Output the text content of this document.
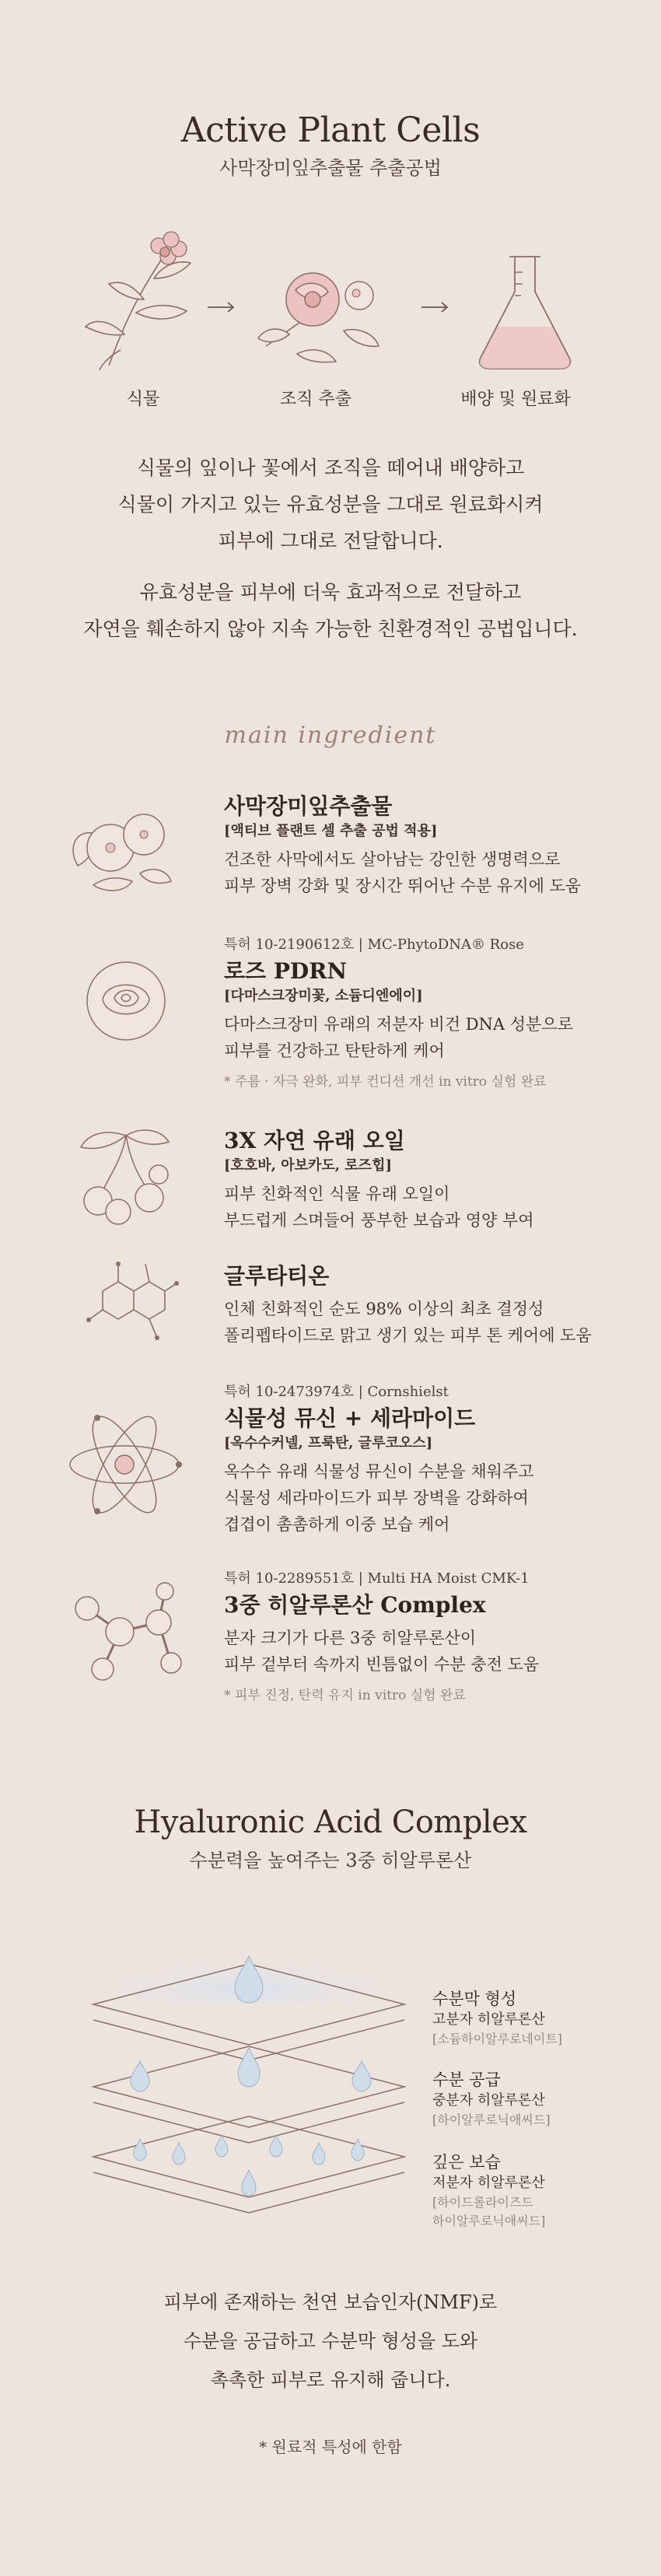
Active Plant Cells
사막장미잎추출물 추출공법
식물	조직 추출	배양 및 원료화
식물의 잎이나 꽃에서 조직을 떼어내 배양하고
식물이 가지고 있는 유효성분을 그대로 원료화시켜
피부에 그대로 전달합니다.
유효성분을 피부에 더욱 효과적으로 전달하고
자연을 훼손하지 않아 지속 가능한 친환경적인 공법입니다.
main ingredient
사막장미잎추출물
[액티브 플랜트 셀 추출 공법 적용]
건조한 사막에서도 살아남는 강인한 생명력으로
피부 장벽 강화 및 장시간 뛰어난 수분 유지에 도움
특허 10-2190612호 | MC-PhytoDNA® Rose
로즈 PDRN
[다마스크장미꽃, 소듐디엔에이]
다마스크장미 유래의 저분자 비건 DNA 성분으로
피부를 건강하고 탄탄하게 케어
* 주름 · 자극 완화, 피부 컨디션 개선 in vitro 실험 완료
3X 자연 유래 오일
[호호바, 아보카도, 로즈힙]
피부 친화적인 식물 유래 오일이
부드럽게 스며들어 풍부한 보습과 영양 부여
글루타티온
인체 친화적인 순도 98% 이상의 최초 결정성
폴리펩타이드로 맑고 생기 있는 피부 톤 케어에 도움
특허 10-2473974호 | Cornshielst
식물성 뮤신 + 세라마이드
[옥수수커넬, 프룩탄, 글루코오스]
옥수수 유래 식물성 뮤신이 수분을 채워주고
식물성 세라마이드가 피부 장벽을 강화하여
겹겹이 촘촘하게 이중 보습 케어
특허 10-2289551호 | Multi HA Moist CMK-1
3중 히알루론산 Complex
분자 크기가 다른 3중 히알루론산이
피부 겉부터 속까지 빈틈없이 수분 충전 도움
* 피부 진정, 탄력 유지 in vitro 실험 완료
Hyaluronic Acid Complex
수분력을 높여주는 3중 히알루론산
수분막 형성
고분자 히알루론산
[소듐하이알루로네이트]
수분 공급
중분자 히알루론산
[하이알루로닉애씨드]
깊은 보습
저분자 히알루론산
[하이드롤라이즈드
하이알루로닉애씨드]
피부에 존재하는 천연 보습인자(NMF)로
수분을 공급하고 수분막 형성을 도와
촉촉한 피부로 유지해 줍니다.
* 원료적 특성에 한함
